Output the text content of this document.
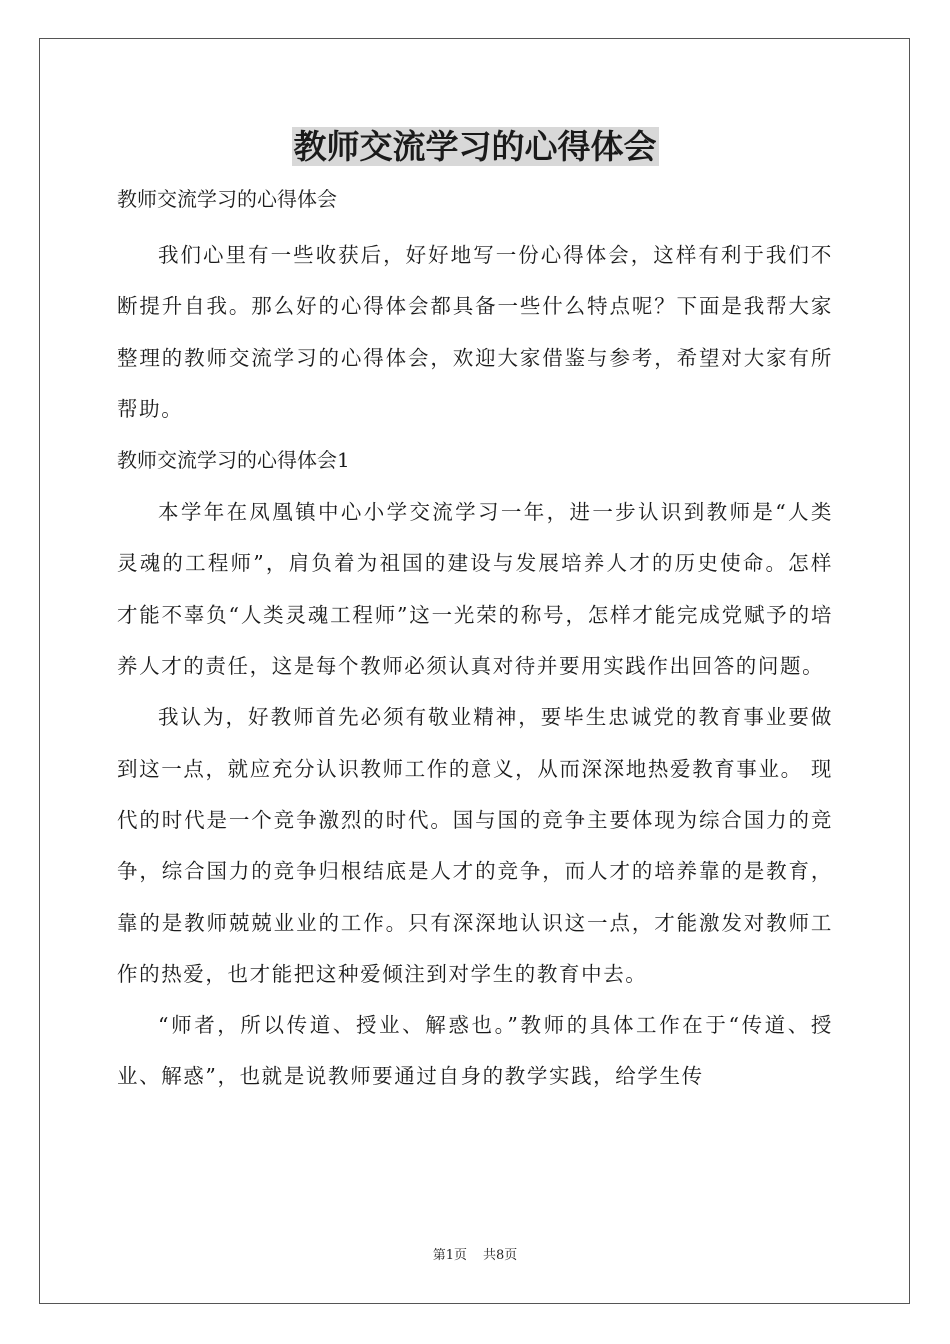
教师交流学习的心得体会

教师交流学习的心得体会

我们心里有一些收获后，好好地写一份心得体会，这样有利于我们不断提升自我。那么好的心得体会都具备一些什么特点呢？下面是我帮大家整理的教师交流学习的心得体会，欢迎大家借鉴与参考，希望对大家有所帮助。

教师交流学习的心得体会1

本学年在凤凰镇中心小学交流学习一年，进一步认识到教师是“人类灵魂的工程师”，肩负着为祖国的建设与发展培养人才的历史使命。怎样才能不辜负“人类灵魂工程师”这一光荣的称号，怎样才能完成党赋予的培养人才的责任，这是每个教师必须认真对待并要用实践作出回答的问题。

我认为，好教师首先必须有敬业精神，要毕生忠诚党的教育事业要做到这一点，就应充分认识教师工作的意义，从而深深地热爱教育事业。 现代的时代是一个竞争激烈的时代。国与国的竞争主要体现为综合国力的竞争，综合国力的竞争归根结底是人才的竞争，而人才的培养靠的是教育，靠的是教师兢兢业业的工作。只有深深地认识这一点，才能激发对教师工作的热爱，也才能把这种爱倾注到对学生的教育中去。

“师者，所以传道、授业、解惑也。”教师的具体工作在于“传道、授业、解惑”，也就是说教师要通过自身的教学实践，给学生传

第1页 共8页
